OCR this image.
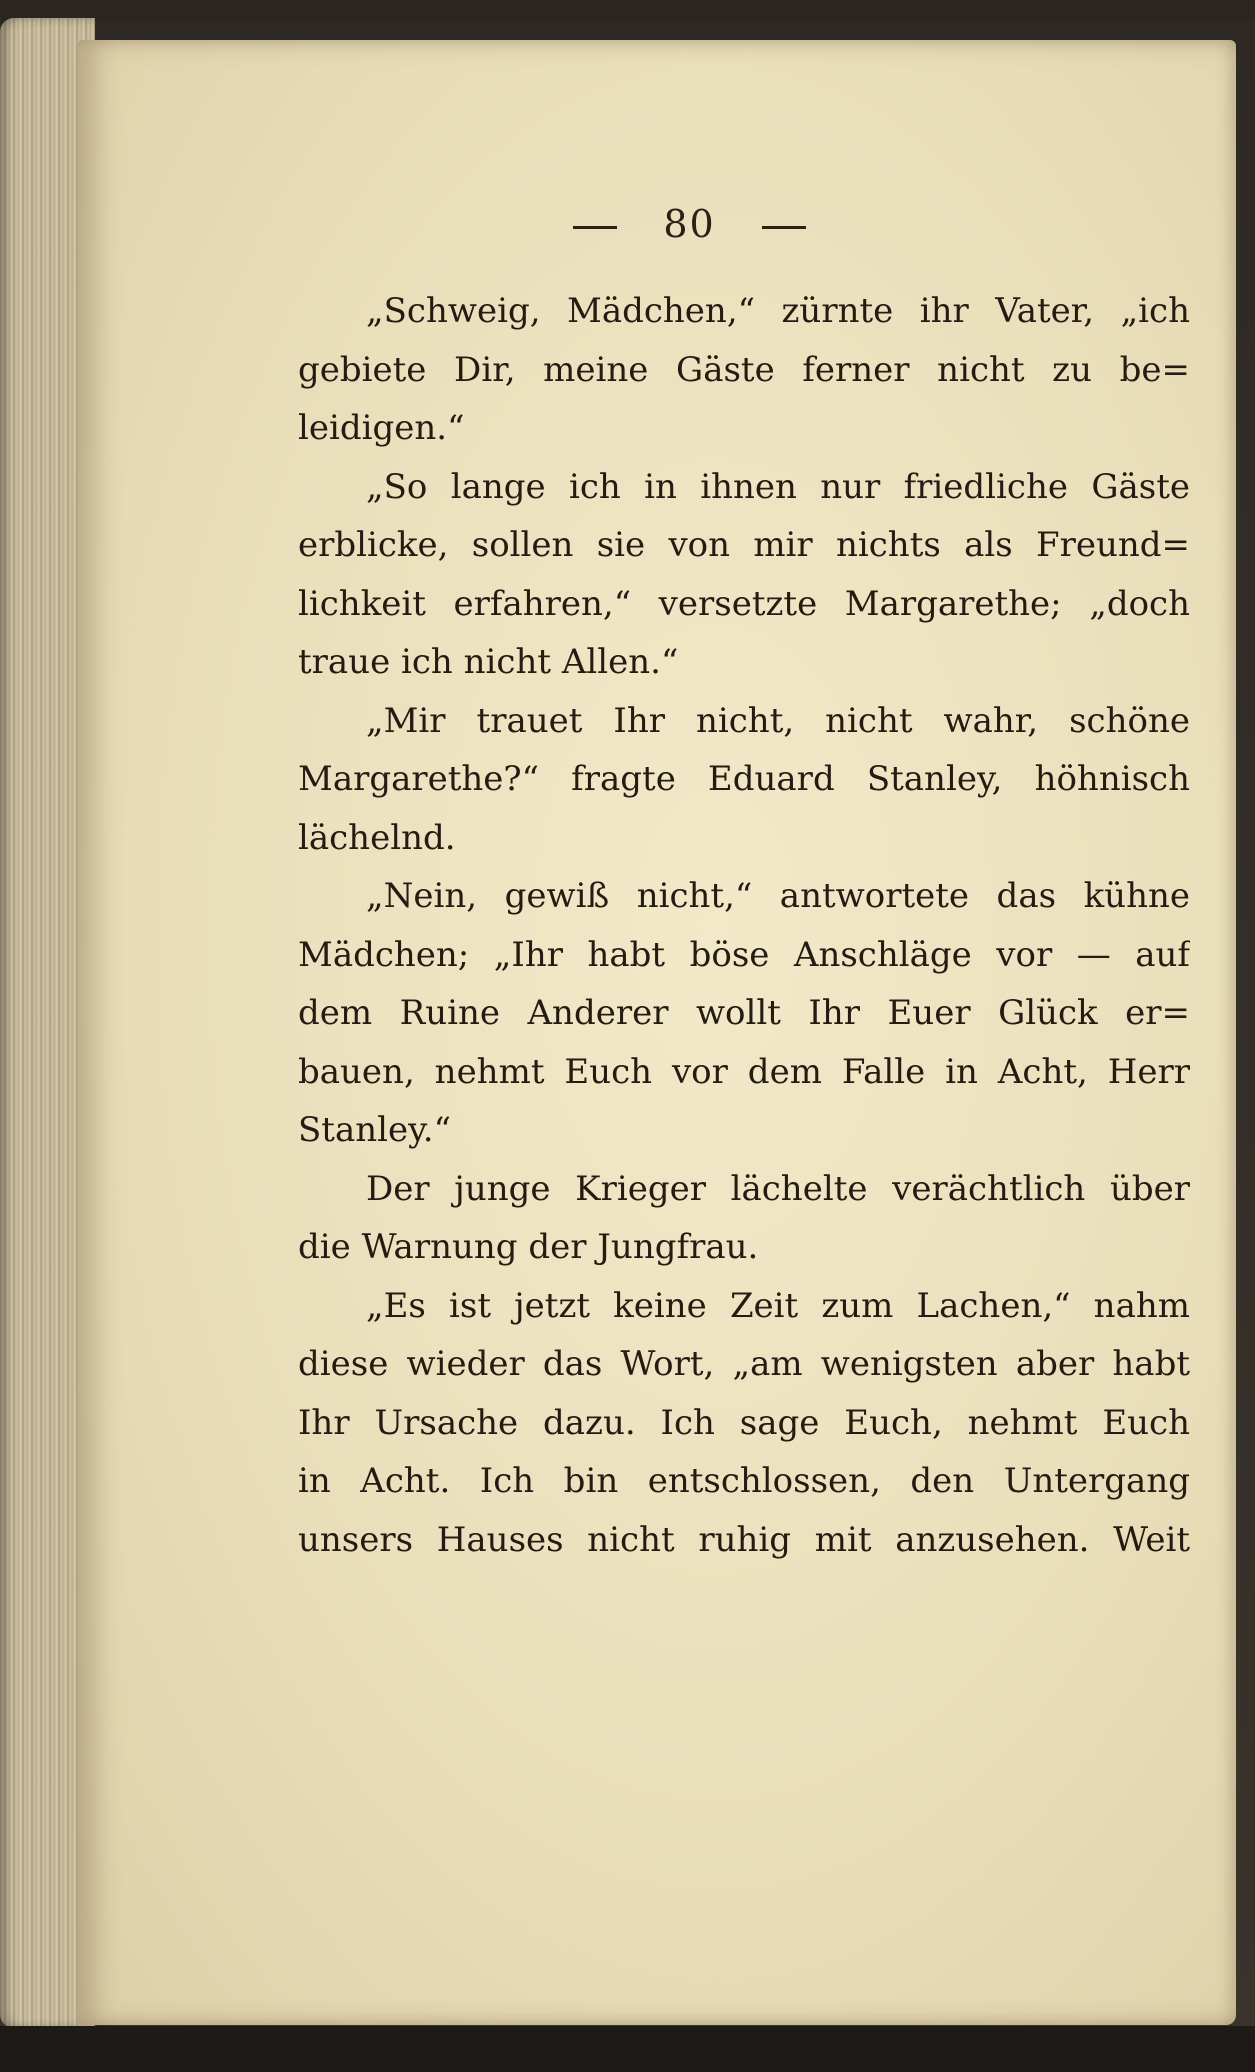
80
„Schweig, Mädchen,“ zürnte ihr Vater, „ich
gebiete Dir, meine Gäste ferner nicht zu be=
leidigen.“
„So lange ich in ihnen nur friedliche Gäste
erblicke, sollen sie von mir nichts als Freund=
lichkeit erfahren,“ versetzte Margarethe; „doch
traue ich nicht Allen.“
„Mir trauet Ihr nicht, nicht wahr, schöne
Margarethe?“ fragte Eduard Stanley, höhnisch
lächelnd.
„Nein, gewiß nicht,“ antwortete das kühne
Mädchen; „Ihr habt böse Anschläge vor — auf
dem Ruine Anderer wollt Ihr Euer Glück er=
bauen, nehmt Euch vor dem Falle in Acht, Herr
Stanley.“
Der junge Krieger lächelte verächtlich über
die Warnung der Jungfrau.
„Es ist jetzt keine Zeit zum Lachen,“ nahm
diese wieder das Wort, „am wenigsten aber habt
Ihr Ursache dazu. Ich sage Euch, nehmt Euch
in Acht. Ich bin entschlossen, den Untergang
unsers Hauses nicht ruhig mit anzusehen. Weit
